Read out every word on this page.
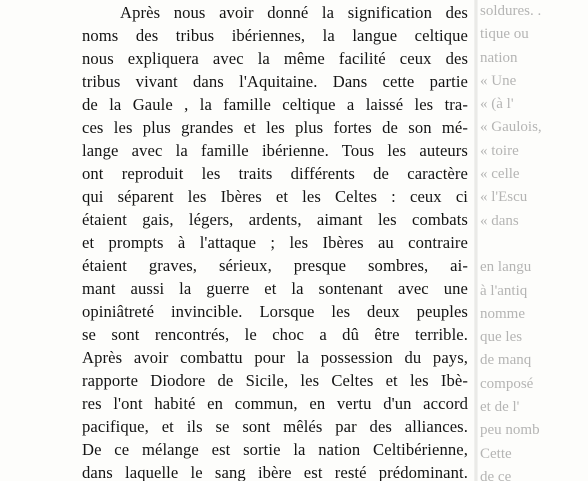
Après nous avoir donné la signification des
noms des tribus ibériennes, la langue celtique
nous expliquera avec la même facilité ceux des
tribus vivant dans l'Aquitaine. Dans cette partie
de la Gaule , la famille celtique a laissé les tra-
ces les plus grandes et les plus fortes de son mé-
lange avec la famille ibérienne. Tous les auteurs
ont reproduit les traits différents de caractère
qui séparent les Ibères et les Celtes : ceux ci
étaient gais, légers, ardents, aimant les combats
et prompts à l'attaque ; les Ibères au contraire
étaient graves, sérieux, presque sombres, ai-
mant aussi la guerre et la sontenant avec une
opiniâtreté invincible. Lorsque les deux peuples
se sont rencontrés, le choc a dû être terrible.
Après avoir combattu pour la possession du pays,
rapporte Diodore de Sicile, les Celtes et les Ibè-
res l'ont habité en commun, en vertu d'un accord
pacifique, et ils se sont mêlés par des alliances.
De ce mélange est sortie la nation Celtibérienne,
dans laquelle le sang ibère est resté prédominant.
soldures. .
tique ou
nation
« Une
« (à l'
« Gaulois,
« toire
« celle
« l'Escu
« dans
en langu
à l'antiq
nomme
que les
de manq
composé
et de l'
peu nomb
Cette
de ce
